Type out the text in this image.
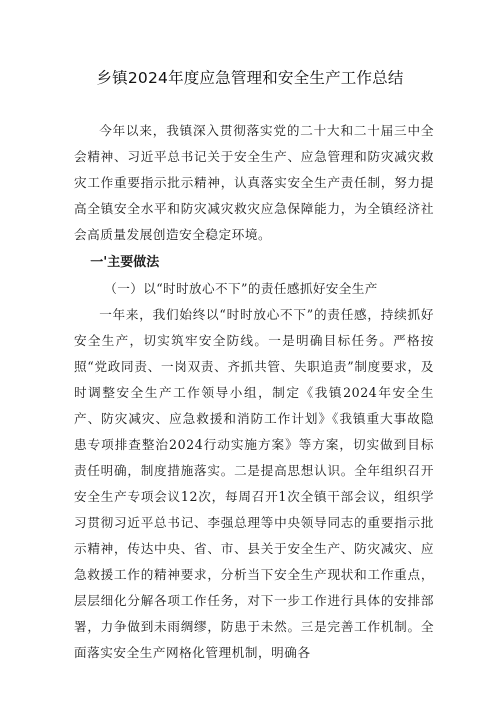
乡镇2024年度应急管理和安全生产工作总结

今年以来，我镇深入贯彻落实党的二十大和二十届三中全会精神、习近平总书记关于安全生产、应急管理和防灾减灾救灾工作重要指示批示精神，认真落实安全生产责任制，努力提高全镇安全水平和防灾减灾救灾应急保障能力，为全镇经济社会高质量发展创造安全稳定环境。

一'主要做法

（一）以“时时放心不下”的责任感抓好安全生产

一年来，我们始终以“时时放心不下”的责任感，持续抓好安全生产，切实筑牢安全防线。一是明确目标任务。严格按照“党政同责、一岗双责、齐抓共管、失职追责”制度要求，及时调整安全生产工作领导小组，制定《我镇2024年安全生产、防灾减灾、应急救援和消防工作计划》《我镇重大事故隐患专项排查整治2024行动实施方案》等方案，切实做到目标责任明确，制度措施落实。二是提高思想认识。全年组织召开安全生产专项会议12次，每周召开1次全镇干部会议，组织学习贯彻习近平总书记、李强总理等中央领导同志的重要指示批示精神，传达中央、省、市、县关于安全生产、防灾减灾、应急救援工作的精神要求，分析当下安全生产现状和工作重点，层层细化分解各项工作任务，对下一步工作进行具体的安排部署，力争做到未雨绸缪，防患于未然。三是完善工作机制。全面落实安全生产网格化管理机制，明确各
